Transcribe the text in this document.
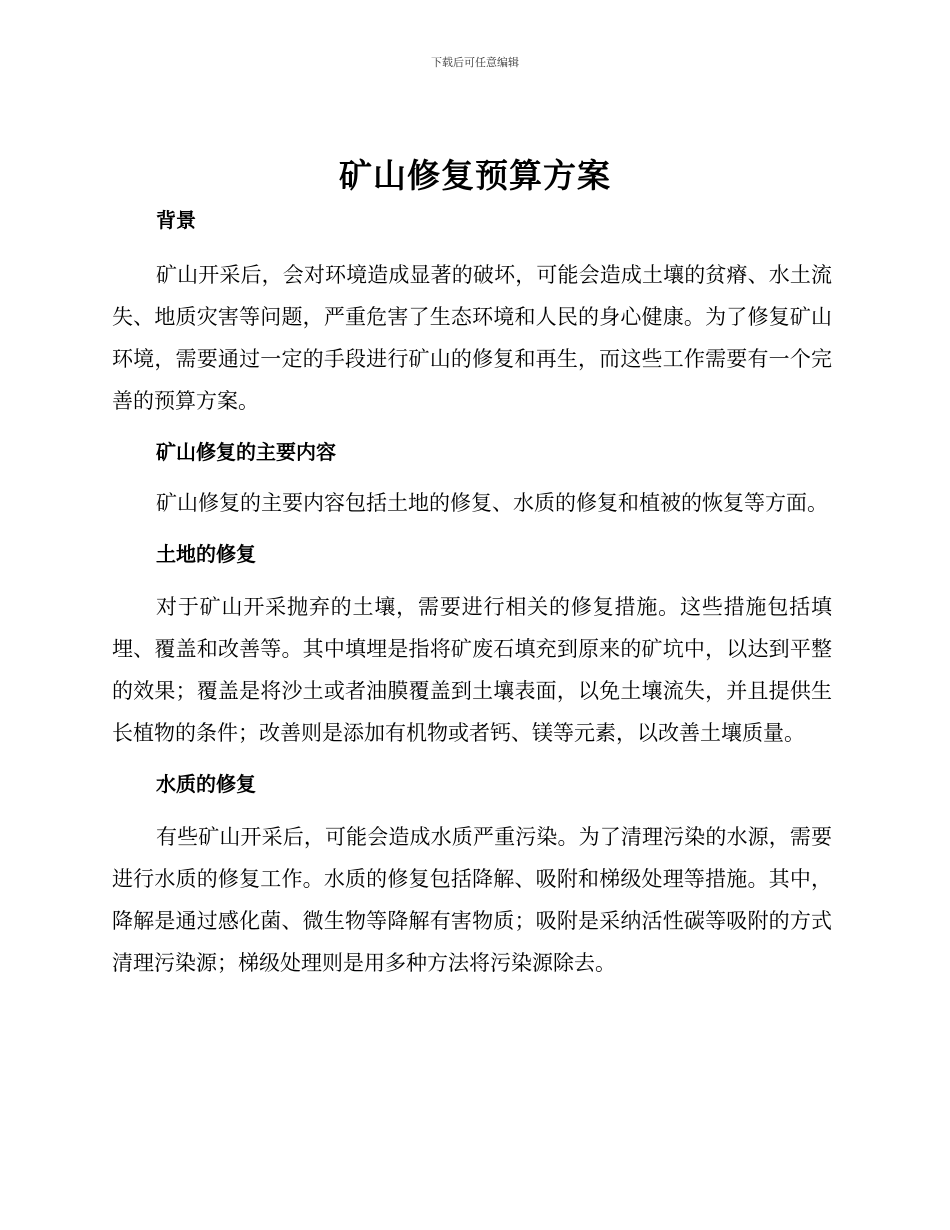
下载后可任意编辑
矿山修复预算方案
背景

矿山开采后，会对环境造成显著的破坏，可能会造成土壤的贫瘠、水土流失、地质灾害等问题，严重危害了生态环境和人民的身心健康。为了修复矿山环境，需要通过一定的手段进行矿山的修复和再生，而这些工作需要有一个完善的预算方案。

矿山修复的主要内容

矿山修复的主要内容包括土地的修复、水质的修复和植被的恢复等方面。

土地的修复

对于矿山开采抛弃的土壤，需要进行相关的修复措施。这些措施包括填埋、覆盖和改善等。其中填埋是指将矿废石填充到原来的矿坑中，以达到平整的效果；覆盖是将沙土或者油膜覆盖到土壤表面，以免土壤流失，并且提供生长植物的条件；改善则是添加有机物或者钙、镁等元素，以改善土壤质量。

水质的修复

有些矿山开采后，可能会造成水质严重污染。为了清理污染的水源，需要进行水质的修复工作。水质的修复包括降解、吸附和梯级处理等措施。其中，降解是通过感化菌、微生物等降解有害物质；吸附是采纳活性碳等吸附的方式清理污染源；梯级处理则是用多种方法将污染源除去。
